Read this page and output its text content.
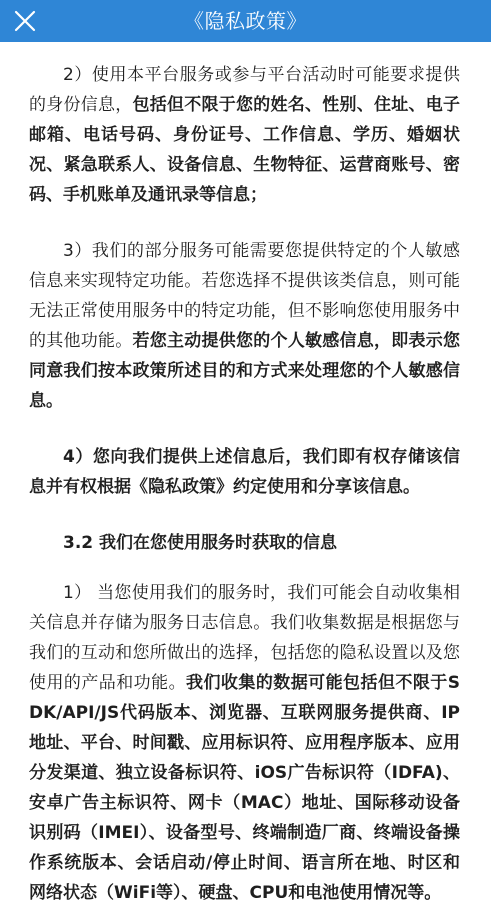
《隐私政策》

2）使用本平台服务或参与平台活动时可能要求提供的身份信息，包括但不限于您的姓名、性别、住址、电子邮箱、电话号码、身份证号、工作信息、学历、婚姻状况、紧急联系人、设备信息、生物特征、运营商账号、密码、手机账单及通讯录等信息；

3）我们的部分服务可能需要您提供特定的个人敏感信息来实现特定功能。若您选择不提供该类信息，则可能无法正常使用服务中的特定功能，但不影响您使用服务中的其他功能。若您主动提供您的个人敏感信息，即表示您同意我们按本政策所述目的和方式来处理您的个人敏感信息。

4）您向我们提供上述信息后，我们即有权存储该信息并有权根据《隐私政策》约定使用和分享该信息。

3.2 我们在您使用服务时获取的信息

1） 当您使用我们的服务时，我们可能会自动收集相关信息并存储为服务日志信息。我们收集数据是根据您与我们的互动和您所做出的选择，包括您的隐私设置以及您使用的产品和功能。我们收集的数据可能包括但不限于SDK/API/JS代码版本、浏览器、互联网服务提供商、IP地址、平台、时间戳、应用标识符、应用程序版本、应用分发渠道、独立设备标识符、iOS广告标识符（IDFA)、安卓广告主标识符、网卡（MAC）地址、国际移动设备识别码（IMEI）、设备型号、终端制造厂商、终端设备操作系统版本、会话启动/停止时间、语言所在地、时区和网络状态（WiFi等）、硬盘、CPU和电池使用情况等。
